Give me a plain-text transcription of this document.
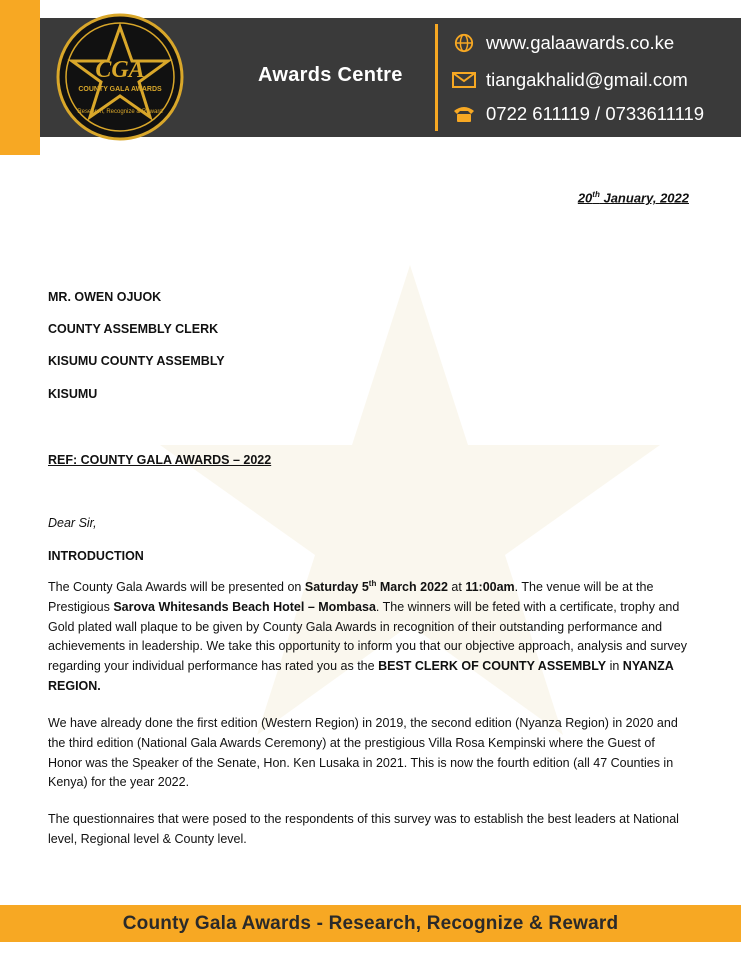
CGA
COUNTY GALA AWARDS
Research, Recognize & Reward
Awards Centre
www.galaawards.co.ke
tiangakhalid@gmail.com
0722 611119 / 0733611119
20th January, 2022
MR. OWEN OJUOK
COUNTY ASSEMBLY CLERK
KISUMU COUNTY ASSEMBLY
KISUMU
REF: COUNTY GALA AWARDS – 2022
Dear Sir,
INTRODUCTION
The County Gala Awards will be presented on Saturday 5th March 2022 at 11:00am. The venue will be at the Prestigious Sarova Whitesands Beach Hotel – Mombasa. The winners will be feted with a certificate, trophy and Gold plated wall plaque to be given by County Gala Awards in recognition of their outstanding performance and achievements in leadership. We take this opportunity to inform you that our objective approach, analysis and survey regarding your individual performance has rated you as the BEST CLERK OF COUNTY ASSEMBLY in NYANZA REGION.
We have already done the first edition (Western Region) in 2019, the second edition (Nyanza Region) in 2020 and the third edition (National Gala Awards Ceremony) at the prestigious Villa Rosa Kempinski where the Guest of Honor was the Speaker of the Senate, Hon. Ken Lusaka in 2021. This is now the fourth edition (all 47 Counties in Kenya) for the year 2022.
The questionnaires that were posed to the respondents of this survey was to establish the best leaders at National level, Regional level & County level.
County Gala Awards - Research, Recognize & Reward
